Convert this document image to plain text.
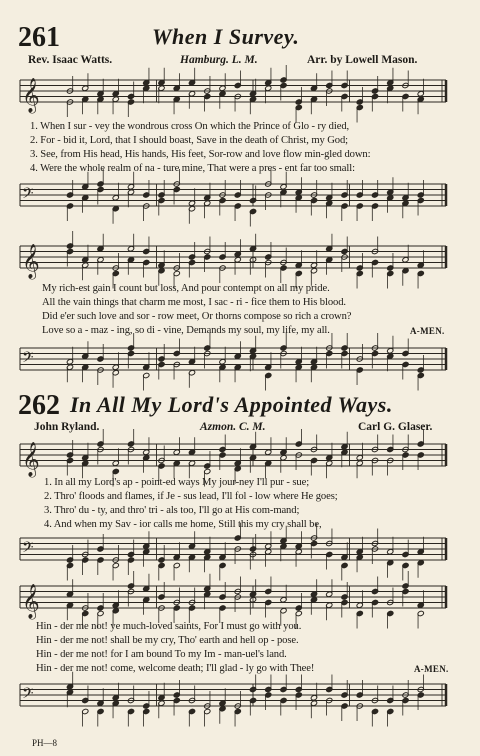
261	When I Survey.
Rev. Isaac Watts.	Hamburg. L. M.	Arr. by Lowell Mason.
𝄞
1. When I sur - vey the wondrous cross On which the Prince of Glo - ry died,
2. For - bid it, Lord, that I should boast, Save in the death of Christ, my God;
3. See, from His head, His hands, His feet, Sor-row and love flow min-gled down:
4. Were the whole realm of na - ture mine, That were a pres - ent far too small:
𝄢
𝄞
My rich-est gain I count but loss, And pour contempt on all my pride.
All the vain things that charm me most, I sac - ri - fice them to His blood.
Did e'er such love and sor - row meet, Or thorns compose so rich a crown?
Love so a - maz - ing, so di - vine, Demands my soul, my life, my all.	A-MEN.
𝄢
262 In All My Lord's Appointed Ways.
John Ryland.	Azmon. C. M.	Carl G. Glaser.
𝄞
1. In all my Lord's ap - point-ed ways My jour-ney I'll pur - sue;
2. Thro' floods and flames, if Je - sus lead, I'll fol - low where He goes;
3. Thro' du - ty, and thro' tri - als too, I'll go at His com-mand;
4. And when my Sav - ior calls me home, Still this my cry shall be,
𝄢
𝄞
Hin - der me not! ye much-loved saints, For I must go with you.
Hin - der me not! shall be my cry, Tho' earth and hell op - pose.
Hin - der me not! for I am bound To my Im - man-uel's land.
Hin - der me not! come, welcome death; I'll glad - ly go with Thee!	A-MEN.
𝄢
PH—8
